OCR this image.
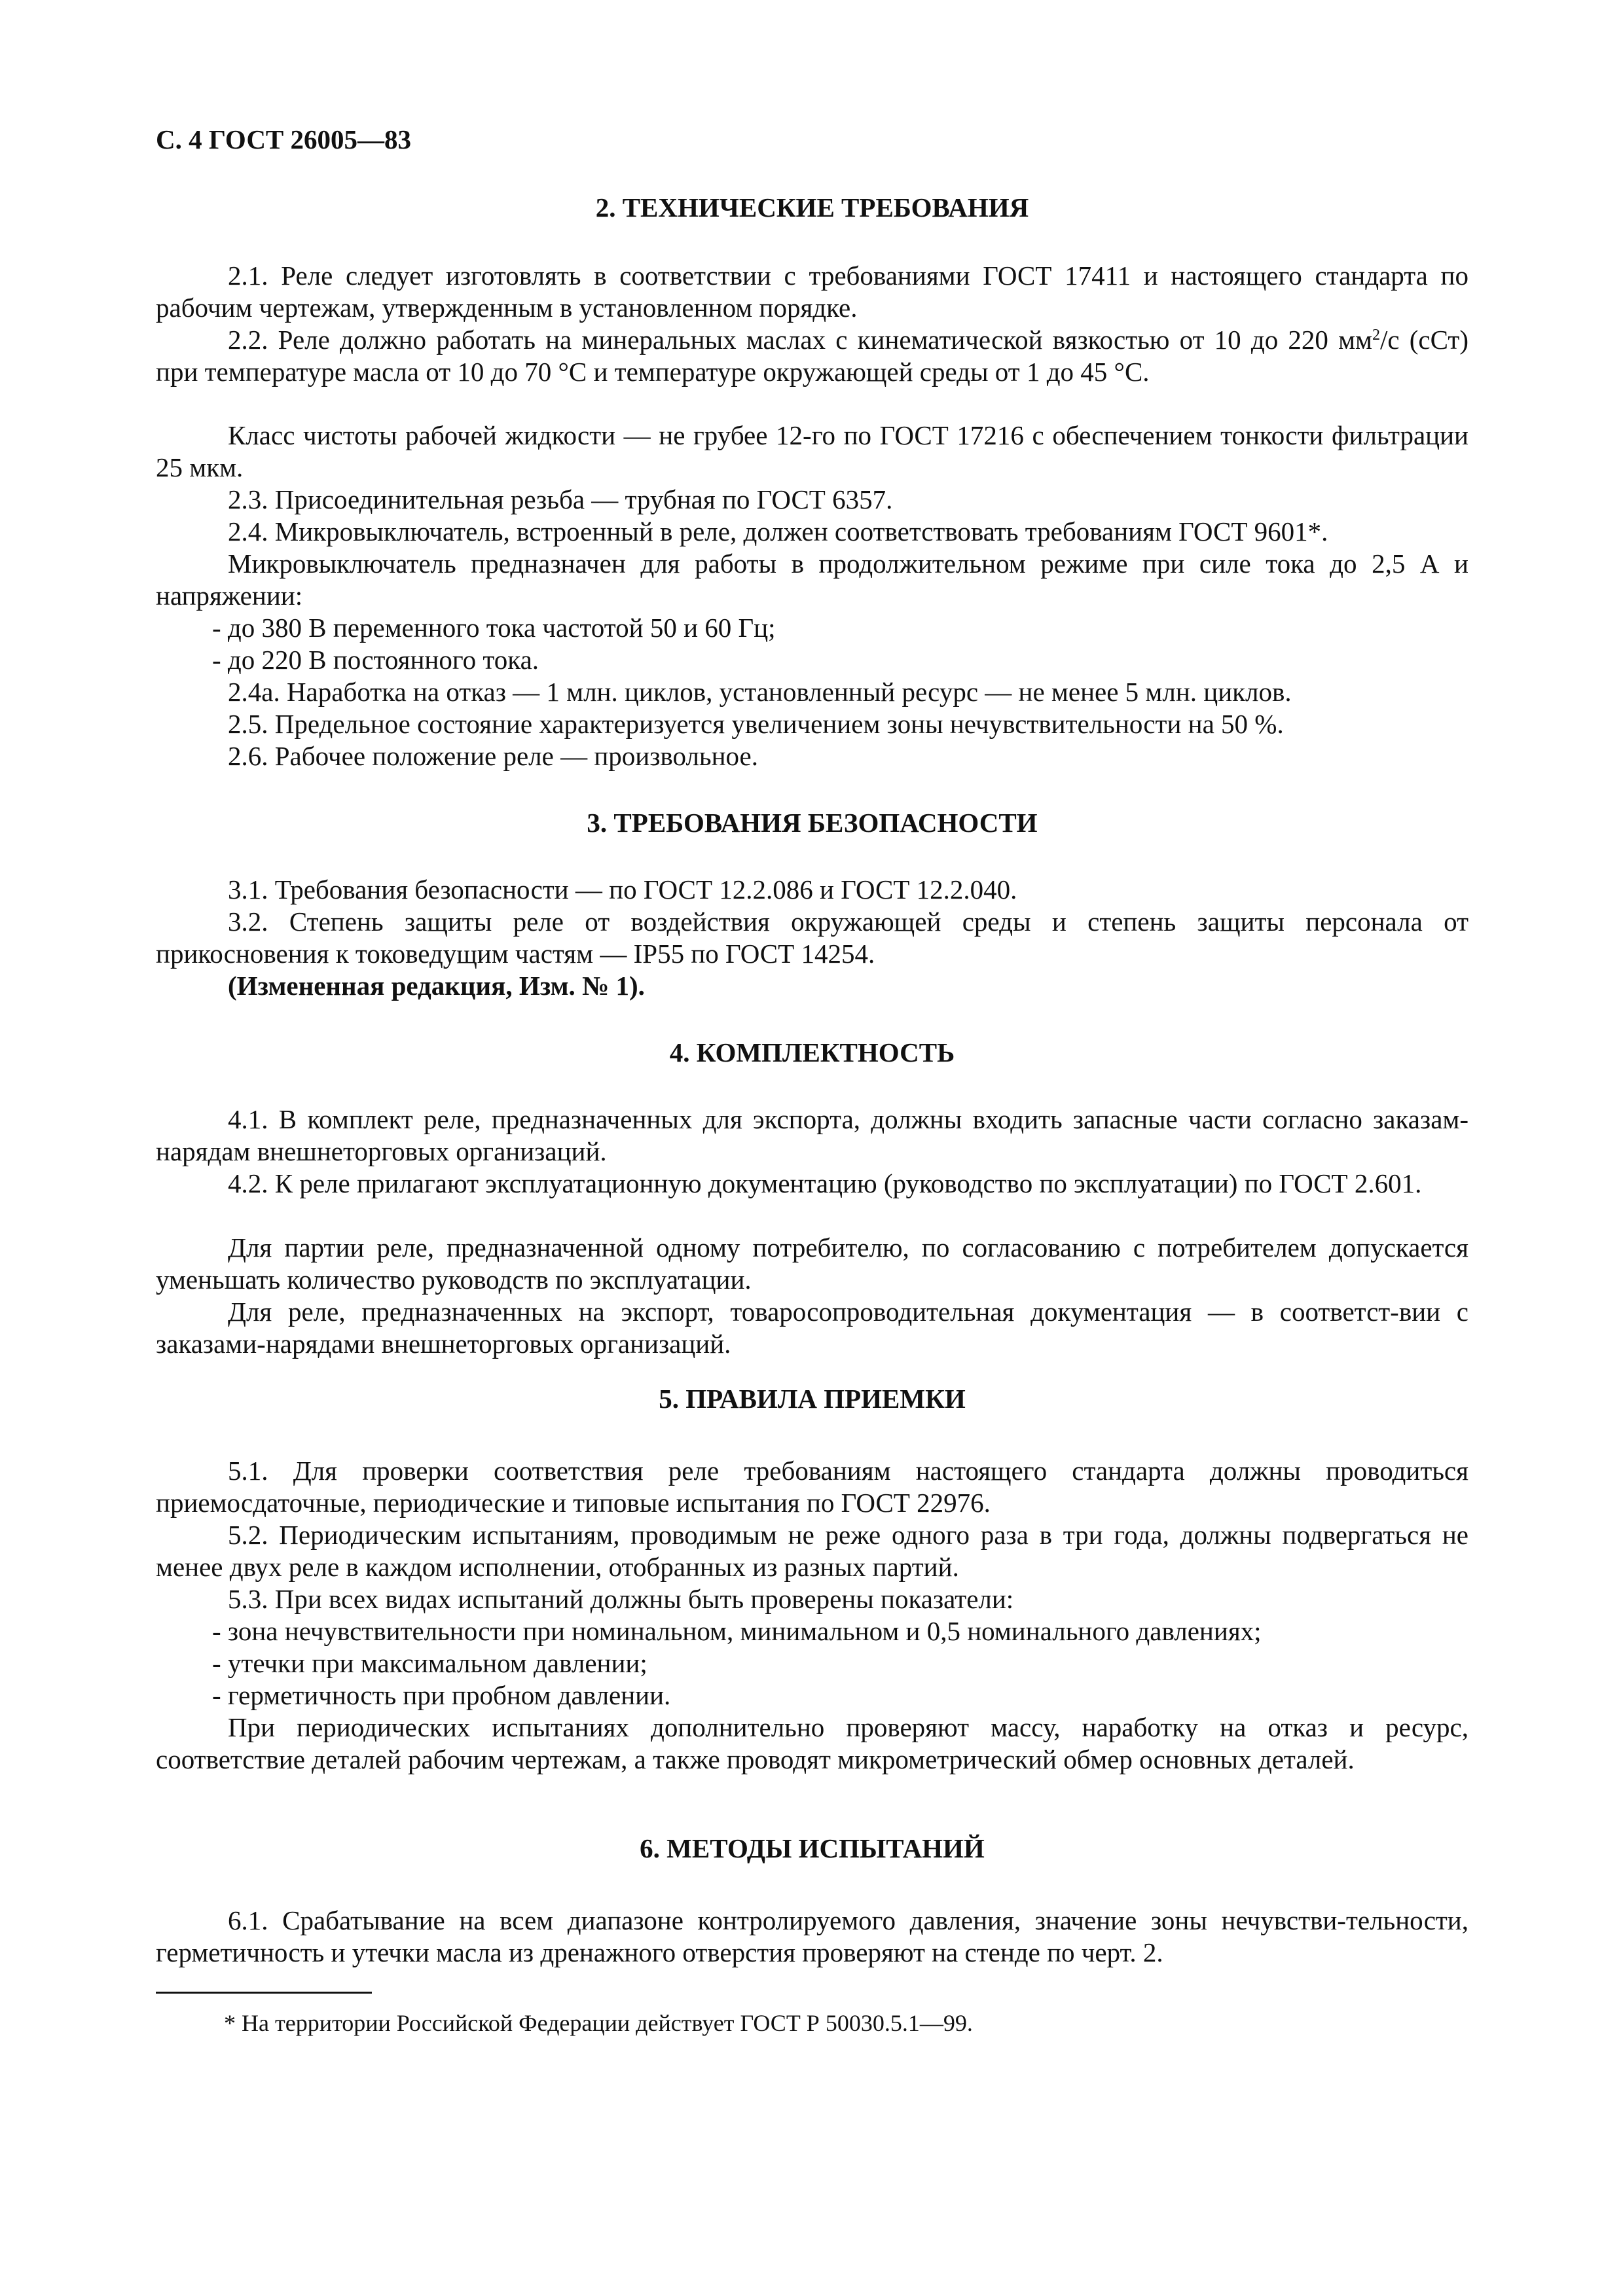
С. 4 ГОСТ 26005—83
2. ТЕХНИЧЕСКИЕ ТРЕБОВАНИЯ

2.1. Реле следует изготовлять в соответствии с требованиями ГОСТ 17411 и настоящего стандарта по рабочим чертежам, утвержденным в установленном порядке.

2.2. Реле должно работать на минеральных маслах с кинематической вязкостью от 10 до 220 $мм^2/с$ (сСт) при температуре масла от 10 до 70 °С и температуре окружающей среды от 1 до 45 °С.

Класс чистоты рабочей жидкости — не грубее 12-го по ГОСТ 17216 с обеспечением тонкости фильтрации 25 мкм.

2.3. Присоединительная резьба — трубная по ГОСТ 6357.

2.4. Микровыключатель, встроенный в реле, должен соответствовать требованиям ГОСТ 9601*.

Микровыключатель предназначен для работы в продолжительном режиме при силе тока до 2,5 А и напряжении:

- до 380 В переменного тока частотой 50 и 60 Гц;

- до 220 В постоянного тока.

2.4а. Наработка на отказ — 1 млн. циклов, установленный ресурс — не менее 5 млн. циклов.

2.5. Предельное состояние характеризуется увеличением зоны нечувствительности на 50 %.

2.6. Рабочее положение реле — произвольное.

3. ТРЕБОВАНИЯ БЕЗОПАСНОСТИ

3.1. Требования безопасности — по ГОСТ 12.2.086 и ГОСТ 12.2.040.

3.2. Степень защиты реле от воздействия окружающей среды и степень защиты персонала от прикосновения к токоведущим частям — IP55 по ГОСТ 14254.

(Измененная редакция, Изм. № 1).

4. КОМПЛЕКТНОСТЬ

4.1. В комплект реле, предназначенных для экспорта, должны входить запасные части согласно заказам-нарядам внешнеторговых организаций.

4.2. К реле прилагают эксплуатационную документацию (руководство по эксплуатации) по ГОСТ 2.601.

Для партии реле, предназначенной одному потребителю, по согласованию с потребителем допускается уменьшать количество руководств по эксплуатации.

Для реле, предназначенных на экспорт, товаросопроводительная документация — в соответст-вии с заказами-нарядами внешнеторговых организаций.

5. ПРАВИЛА ПРИЕМКИ

5.1. Для проверки соответствия реле требованиям настоящего стандарта должны проводиться приемосдаточные, периодические и типовые испытания по ГОСТ 22976.

5.2. Периодическим испытаниям, проводимым не реже одного раза в три года, должны подвергаться не менее двух реле в каждом исполнении, отобранных из разных партий.

5.3. При всех видах испытаний должны быть проверены показатели:

- зона нечувствительности при номинальном, минимальном и 0,5 номинального давлениях;

- утечки при максимальном давлении;

- герметичность при пробном давлении.

При периодических испытаниях дополнительно проверяют массу, наработку на отказ и ресурс, соответствие деталей рабочим чертежам, а также проводят микрометрический обмер основных деталей.

6. МЕТОДЫ ИСПЫТАНИЙ

6.1. Срабатывание на всем диапазоне контролируемого давления, значение зоны нечувстви-тельности, герметичность и утечки масла из дренажного отверстия проверяют на стенде по черт. 2.

* На территории Российской Федерации действует ГОСТ Р 50030.5.1—99.
